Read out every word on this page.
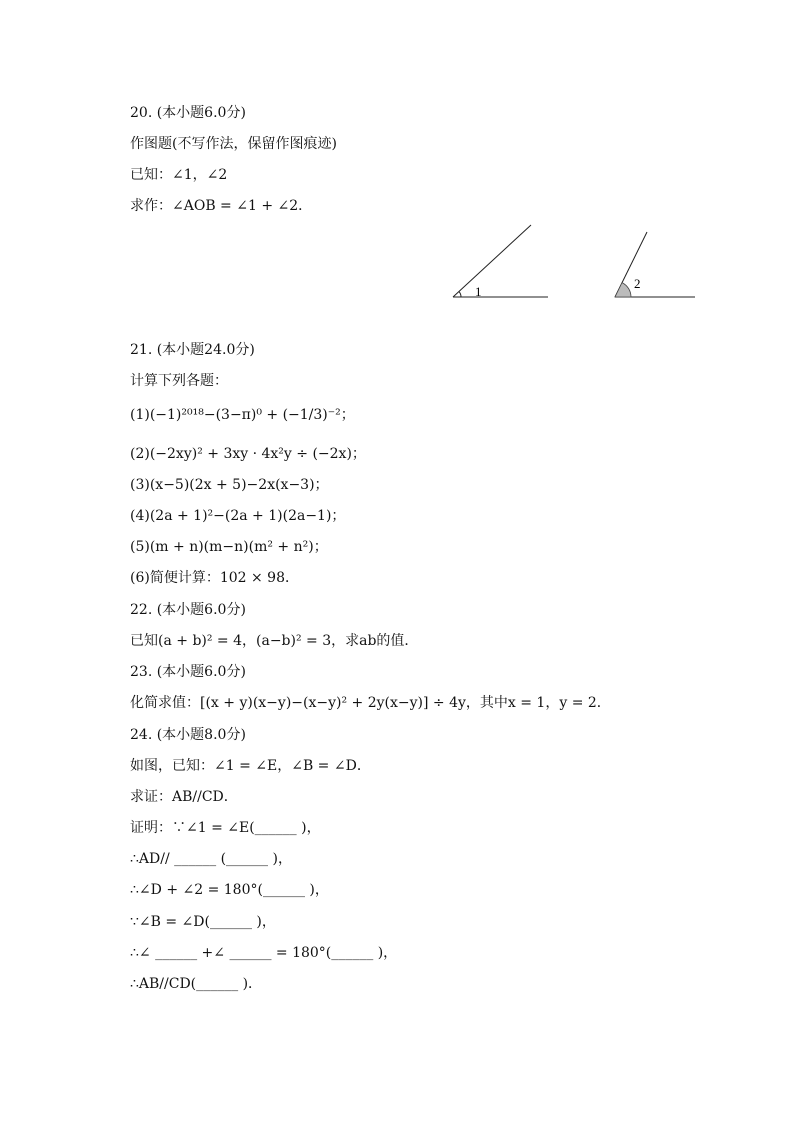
20. (本小题6.0分)
作图题(不写作法，保留作图痕迹)
已知：∠1，∠2
求作：∠AOB = ∠1 + ∠2．
1
2
21. (本小题24.0分)
计算下列各题：
(1)(−1)²⁰¹⁸−(3−π)⁰ + (−1/3)⁻²；
(2)(−2xy)² + 3xy · 4x²y ÷ (−2x)；
(3)(x−5)(2x + 5)−2x(x−3)；
(4)(2a + 1)²−(2a + 1)(2a−1)；
(5)(m + n)(m−n)(m² + n²)；
(6)简便计算：102 × 98．
22. (本小题6.0分)
已知(a + b)² = 4，(a−b)² = 3，求ab的值．
23. (本小题6.0分)
化简求值：[(x + y)(x−y)−(x−y)² + 2y(x−y)] ÷ 4y，其中x = 1，y = 2．
24. (本小题8.0分)
如图，已知：∠1 = ∠E，∠B = ∠D．
求证：AB//CD．
证明：∵∠1 = ∠E(______ )，
∴AD// ______ (______ )，
∴∠D + ∠2 = 180°(______ )，
∵∠B = ∠D(______ )，
∴∠ ______ +∠ ______ = 180°(______ )，
∴AB//CD(______ )．
